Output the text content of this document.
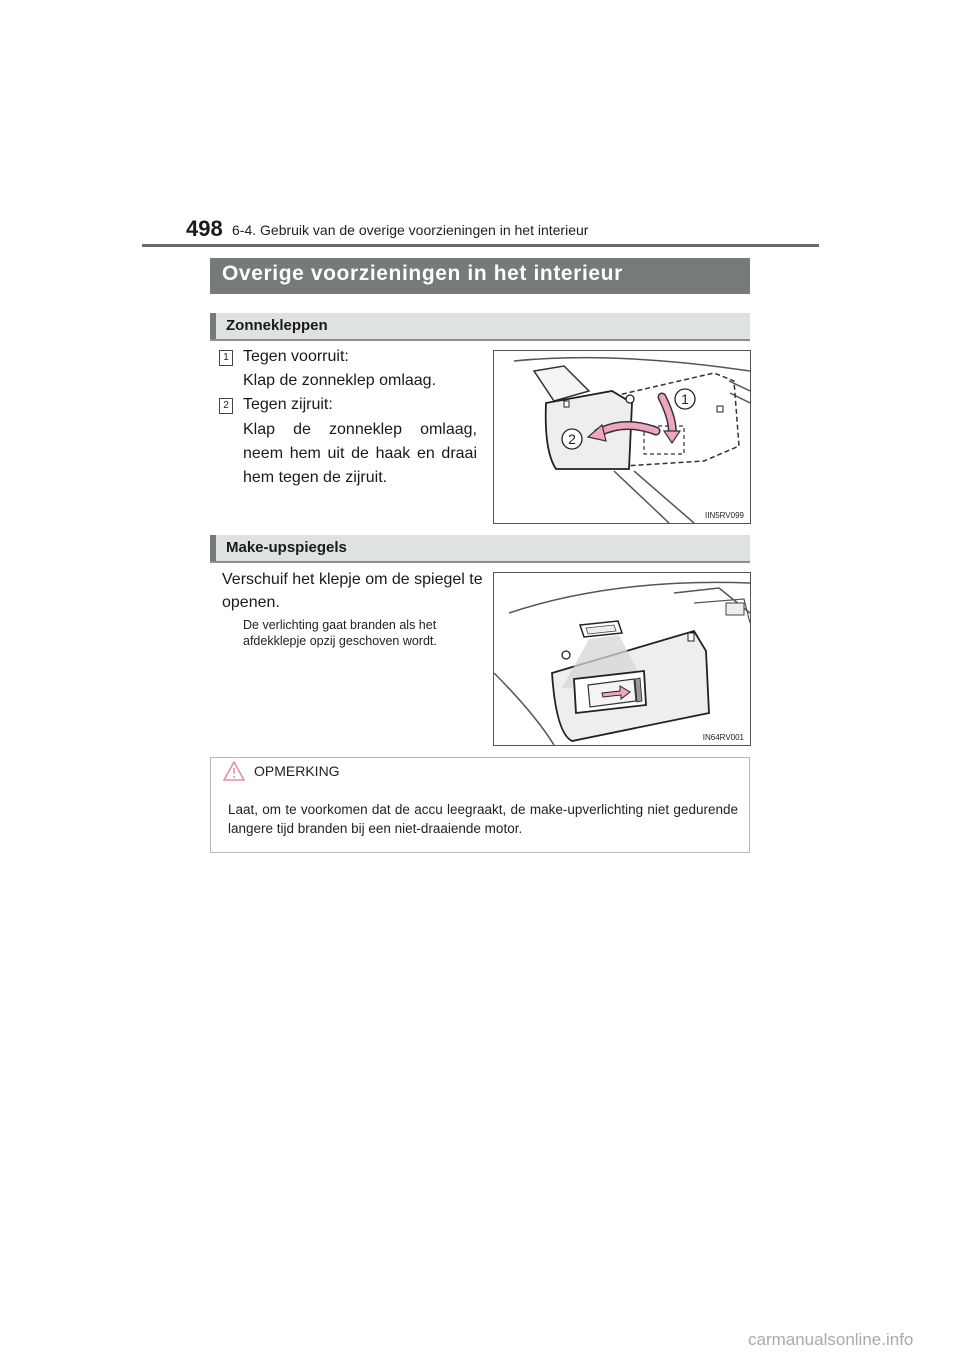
498 6-4. Gebruik van de overige voorzieningen in het interieur
Overige voorzieningen in het interieur
Zonnekleppen
1 Tegen voorruit:
Klap de zonneklep omlaag.
2 Tegen zijruit:
Klap de zonneklep omlaag, neem hem uit de haak en draai hem tegen de zijruit.
1
2
IIN5RV099
Make-upspiegels
Verschuif het klepje om de spiegel te openen.
De verlichting gaat branden als het afdekklepje opzij geschoven wordt.
IN64RV001
OPMERKING
Laat, om te voorkomen dat de accu leegraakt, de make-upverlichting niet gedurende langere tijd branden bij een niet-draaiende motor.
carmanualsonline.info
